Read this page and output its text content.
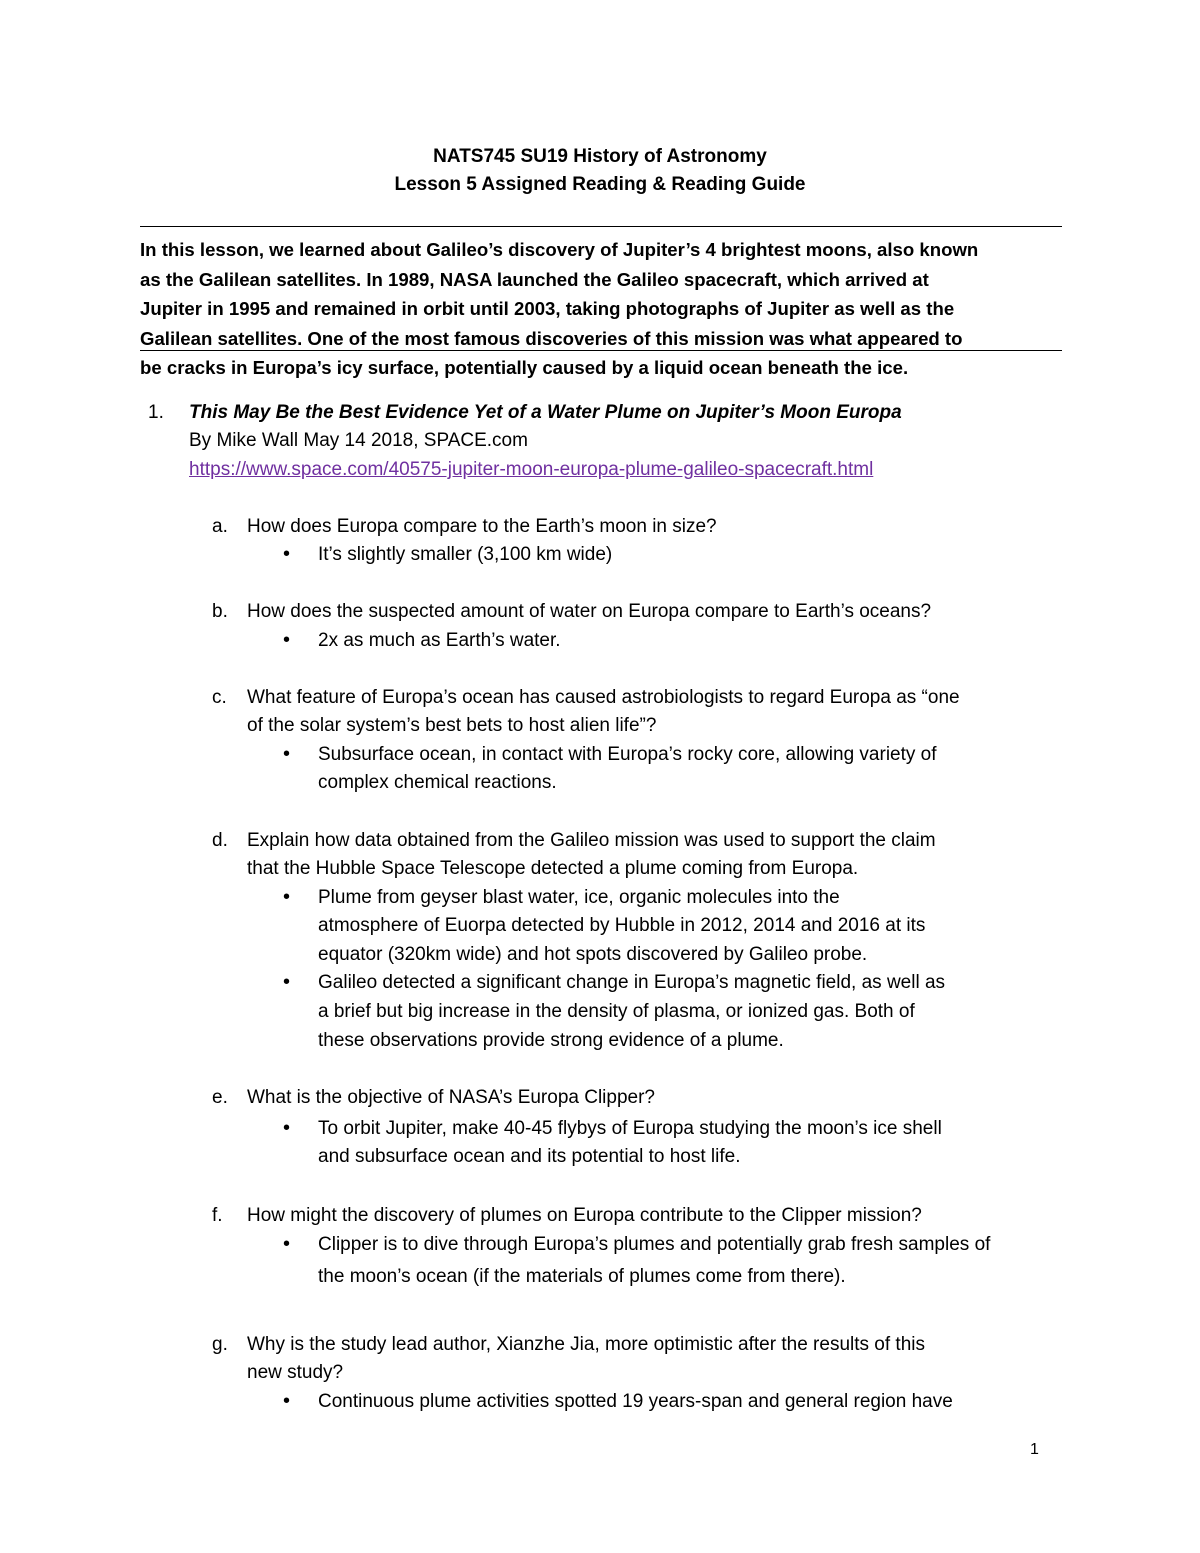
NATS745 SU19 History of Astronomy
Lesson 5 Assigned Reading & Reading Guide

In this lesson, we learned about Galileo’s discovery of Jupiter’s 4 brightest moons, also known
as the Galilean satellites. In 1989, NASA launched the Galileo spacecraft, which arrived at
Jupiter in 1995 and remained in orbit until 2003, taking photographs of Jupiter as well as the
Galilean satellites. One of the most famous discoveries of this mission was what appeared to
be cracks in Europa’s icy surface, potentially caused by a liquid ocean beneath the ice.

1. This May Be the Best Evidence Yet of a Water Plume on Jupiter’s Moon Europa
By Mike Wall May 14 2018, SPACE.com
https://www.space.com/40575-jupiter-moon-europa-plume-galileo-spacecraft.html
a. How does Europa compare to the Earth’s moon in size?
• It’s slightly smaller (3,100 km wide)
b. How does the suspected amount of water on Europa compare to Earth’s oceans?
• 2x as much as Earth’s water.
c. What feature of Europa’s ocean has caused astrobiologists to regard Europa as “one
of the solar system’s best bets to host alien life”?
• Subsurface ocean, in contact with Europa’s rocky core, allowing variety of
complex chemical reactions.
d. Explain how data obtained from the Galileo mission was used to support the claim
that the Hubble Space Telescope detected a plume coming from Europa.
• Plume from geyser blast water, ice, organic molecules into the
atmosphere of Euorpa detected by Hubble in 2012, 2014 and 2016 at its
equator (320km wide) and hot spots discovered by Galileo probe.
• Galileo detected a significant change in Europa’s magnetic field, as well as
a brief but big increase in the density of plasma, or ionized gas. Both of
these observations provide strong evidence of a plume.
e. What is the objective of NASA’s Europa Clipper?
• To orbit Jupiter, make 40-45 flybys of Europa studying the moon’s ice shell
and subsurface ocean and its potential to host life.
f. How might the discovery of plumes on Europa contribute to the Clipper mission?
• Clipper is to dive through Europa’s plumes and potentially grab fresh samples of
the moon’s ocean (if the materials of plumes come from there).
g. Why is the study lead author, Xianzhe Jia, more optimistic after the results of this
new study?
• Continuous plume activities spotted 19 years-span and general region have
1
